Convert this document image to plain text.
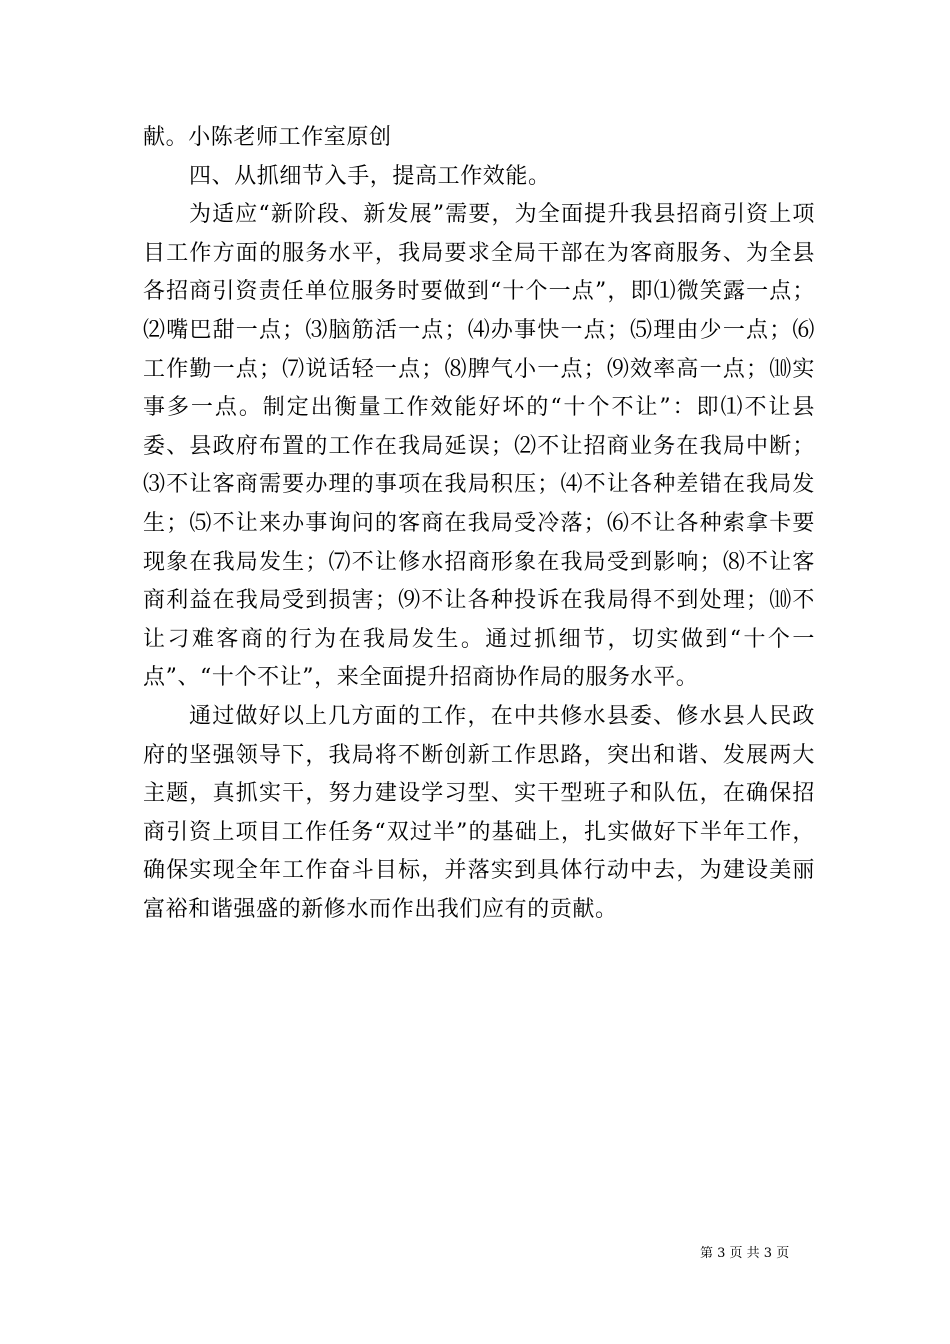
献。小陈老师工作室原创

四、从抓细节入手，提高工作效能。

为适应“新阶段、新发展”需要，为全面提升我县招商引资上项目工作方面的服务水平，我局要求全局干部在为客商服务、为全县各招商引资责任单位服务时要做到“十个一点”，即⑴微笑露一点；⑵嘴巴甜一点；⑶脑筋活一点；⑷办事快一点；⑸理由少一点；⑹工作勤一点；⑺说话轻一点；⑻脾气小一点；⑼效率高一点；⑽实事多一点。制定出衡量工作效能好坏的“十个不让”：即⑴不让县委、县政府布置的工作在我局延误；⑵不让招商业务在我局中断；⑶不让客商需要办理的事项在我局积压；⑷不让各种差错在我局发生；⑸不让来办事询问的客商在我局受冷落；⑹不让各种索拿卡要现象在我局发生；⑺不让修水招商形象在我局受到影响；⑻不让客商利益在我局受到损害；⑼不让各种投诉在我局得不到处理；⑽不让刁难客商的行为在我局发生。通过抓细节，切实做到“十个一点”、“十个不让”，来全面提升招商协作局的服务水平。

通过做好以上几方面的工作，在中共修水县委、修水县人民政府的坚强领导下，我局将不断创新工作思路，突出和谐、发展两大主题，真抓实干，努力建设学习型、实干型班子和队伍，在确保招商引资上项目工作任务“双过半”的基础上，扎实做好下半年工作，确保实现全年工作奋斗目标，并落实到具体行动中去，为建设美丽富裕和谐强盛的新修水而作出我们应有的贡献。

第 3 页 共 3 页
